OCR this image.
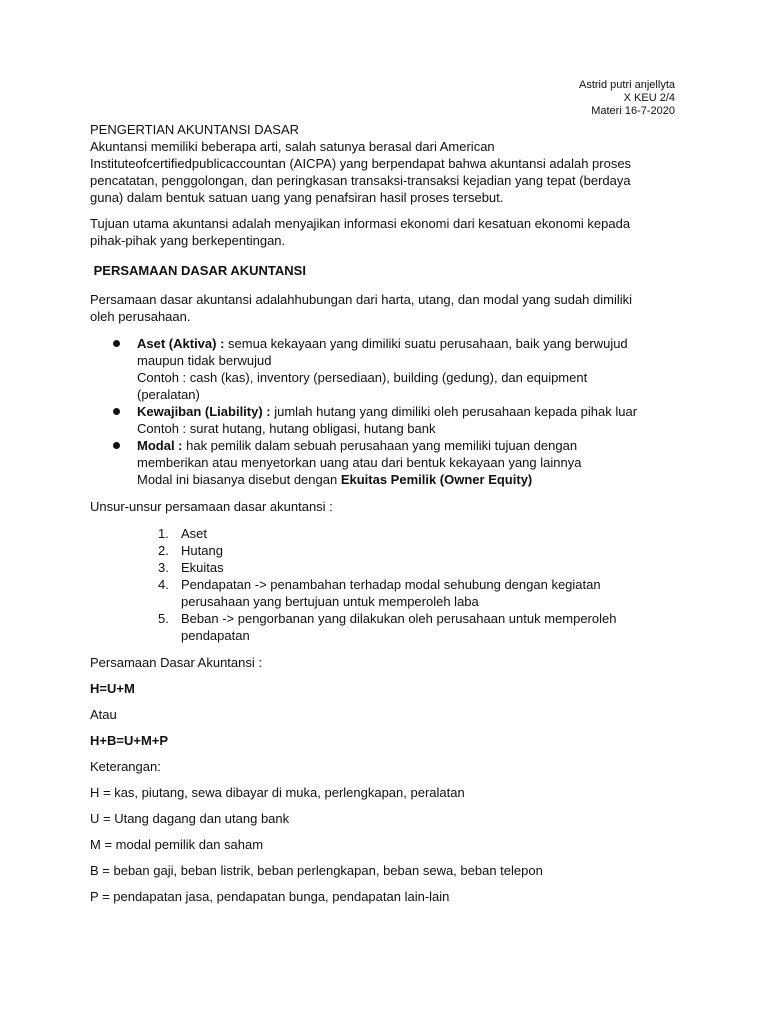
Astrid putri anjellyta
X KEU 2/4
Materi 16-7-2020

PENGERTIAN AKUNTANSI DASAR

Akuntansi memiliki beberapa arti, salah satunya berasal dari American
Instituteofcertifiedpublicaccountan (AICPA) yang berpendapat bahwa akuntansi adalah proses
pencatatan, penggolongan, dan peringkasan transaksi-transaksi kejadian yang tepat (berdaya
guna) dalam bentuk satuan uang yang penafsiran hasil proses tersebut.

Tujuan utama akuntansi adalah menyajikan informasi ekonomi dari kesatuan ekonomi kepada
pihak-pihak yang berkepentingan.

PERSAMAAN DASAR AKUNTANSI

Persamaan dasar akuntansi adalahhubungan dari harta, utang, dan modal yang sudah dimiliki
oleh perusahaan.

Aset (Aktiva) : semua kekayaan yang dimiliki suatu perusahaan, baik yang berwujud
maupun tidak berwujud
Contoh : cash (kas), inventory (persediaan), building (gedung), dan equipment
(peralatan)
Kewajiban (Liability) : jumlah hutang yang dimiliki oleh perusahaan kepada pihak luar
Contoh : surat hutang, hutang obligasi, hutang bank
Modal : hak pemilik dalam sebuah perusahaan yang memiliki tujuan dengan
memberikan atau menyetorkan uang atau dari bentuk kekayaan yang lainnya
Modal ini biasanya disebut dengan Ekuitas Pemilik (Owner Equity)

Unsur-unsur persamaan dasar akuntansi :

1. Aset
2. Hutang
3. Ekuitas
4. Pendapatan -> penambahan terhadap modal sehubung dengan kegiatan
perusahaan yang bertujuan untuk memperoleh laba
5. Beban -> pengorbanan yang dilakukan oleh perusahaan untuk memperoleh
pendapatan

Persamaan Dasar Akuntansi :

H=U+M

Atau

H+B=U+M+P

Keterangan:

H = kas, piutang, sewa dibayar di muka, perlengkapan, peralatan

U = Utang dagang dan utang bank

M = modal pemilik dan saham

B = beban gaji, beban listrik, beban perlengkapan, beban sewa, beban telepon

P = pendapatan jasa, pendapatan bunga, pendapatan lain-lain
